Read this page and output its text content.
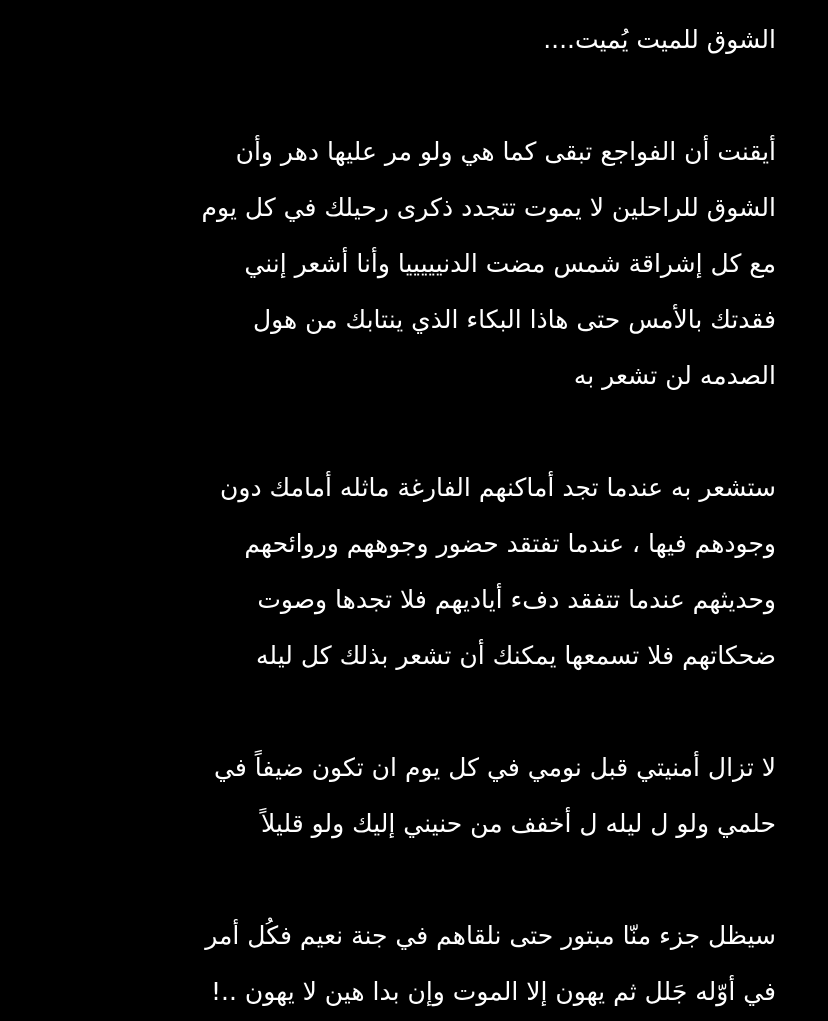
الشوق للميت يُميت....
أيقنت أن الفواجع تبقى كما هي ولو مر عليها دهر وأن
الشوق للراحلين لا يموت تتجدد ذكرى رحيلك في كل يوم
مع كل إشراقة شمس مضت الدنيييييا وأنا أشعر إنني
فقدتك بالأمس حتى هاذا البكاء الذي ينتابك من هول
الصدمه لن تشعر به
ستشعر به عندما تجد أماكنهم الفارغة ماثله أمامك دون
وجودهم فيها ، عندما تفتقد حضور وجوههم وروائحهم
وحديثهم عندما تتفقد دفء أياديهم فلا تجدها وصوت
ضحكاتهم فلا تسمعها يمكنك أن تشعر بذلك كل ليله
لا تزال أمنيتي قبل نومي في كل يوم ان تكون ضيفاً في
حلمي ولو ل ليله ل أخفف من حنيني إليك ولو قليلاً
سيظل جزء منّا مبتور حتى نلقاهم في جنة نعيم فكُل أمر
في أوّله جَلل ثم يهون إلا الموت وإن بدا هين لا يهون ..!
